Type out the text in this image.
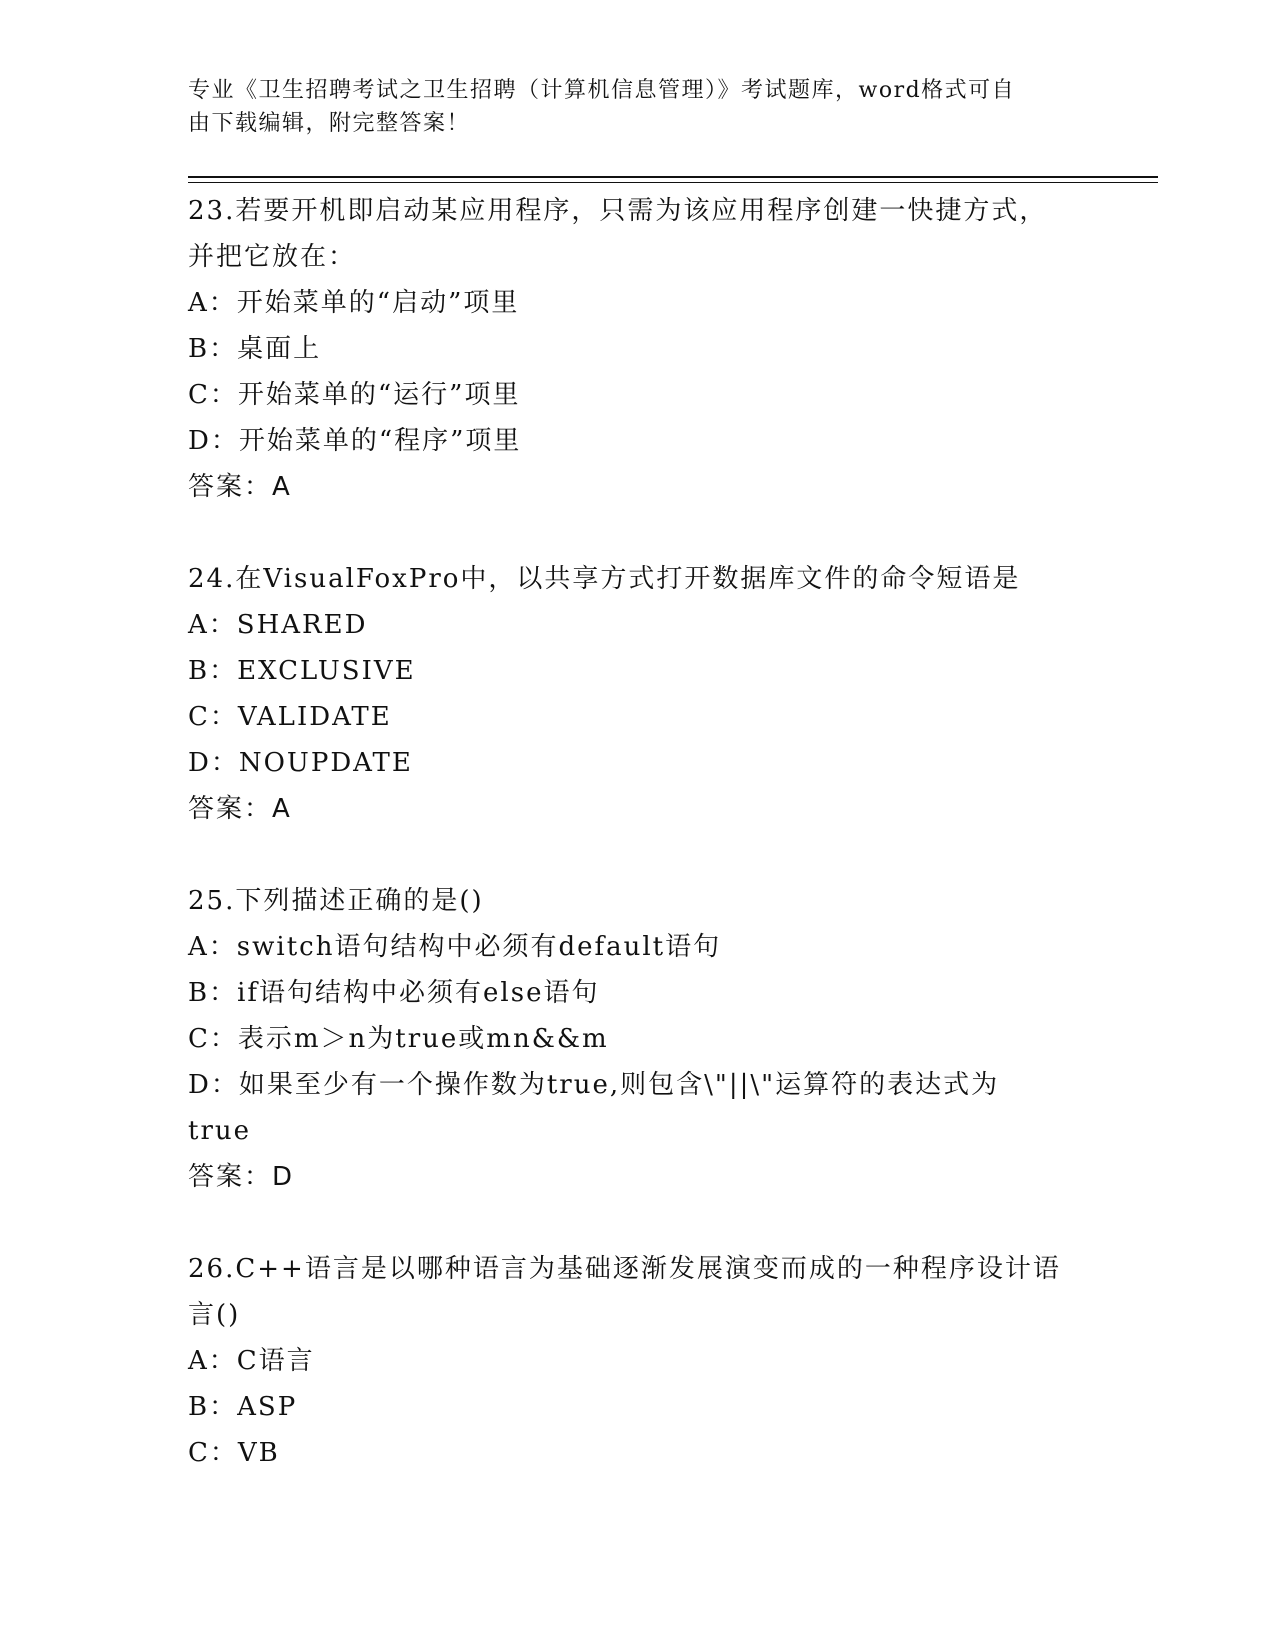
专业《卫生招聘考试之卫生招聘（计算机信息管理）》考试题库，word格式可自
由下载编辑，附完整答案！
23.若要开机即启动某应用程序，只需为该应用程序创建一快捷方式，
并把它放在：
A：开始菜单的“启动”项里
B：桌面上
C：开始菜单的“运行”项里
D：开始菜单的“程序”项里
答案：A
24.在VisualFoxPro中，以共享方式打开数据库文件的命令短语是
A：SHARED
B：EXCLUSIVE
C：VALIDATE
D：NOUPDATE
答案：A
25.下列描述正确的是()
A：switch语句结构中必须有default语句
B：if语句结构中必须有else语句
C：表示m＞n为true或mn&&m
D：如果至少有一个操作数为true,则包含\"||\"运算符的表达式为
true
答案：D
26.C++语言是以哪种语言为基础逐渐发展演变而成的一种程序设计语
言()
A：C语言
B：ASP
C：VB
